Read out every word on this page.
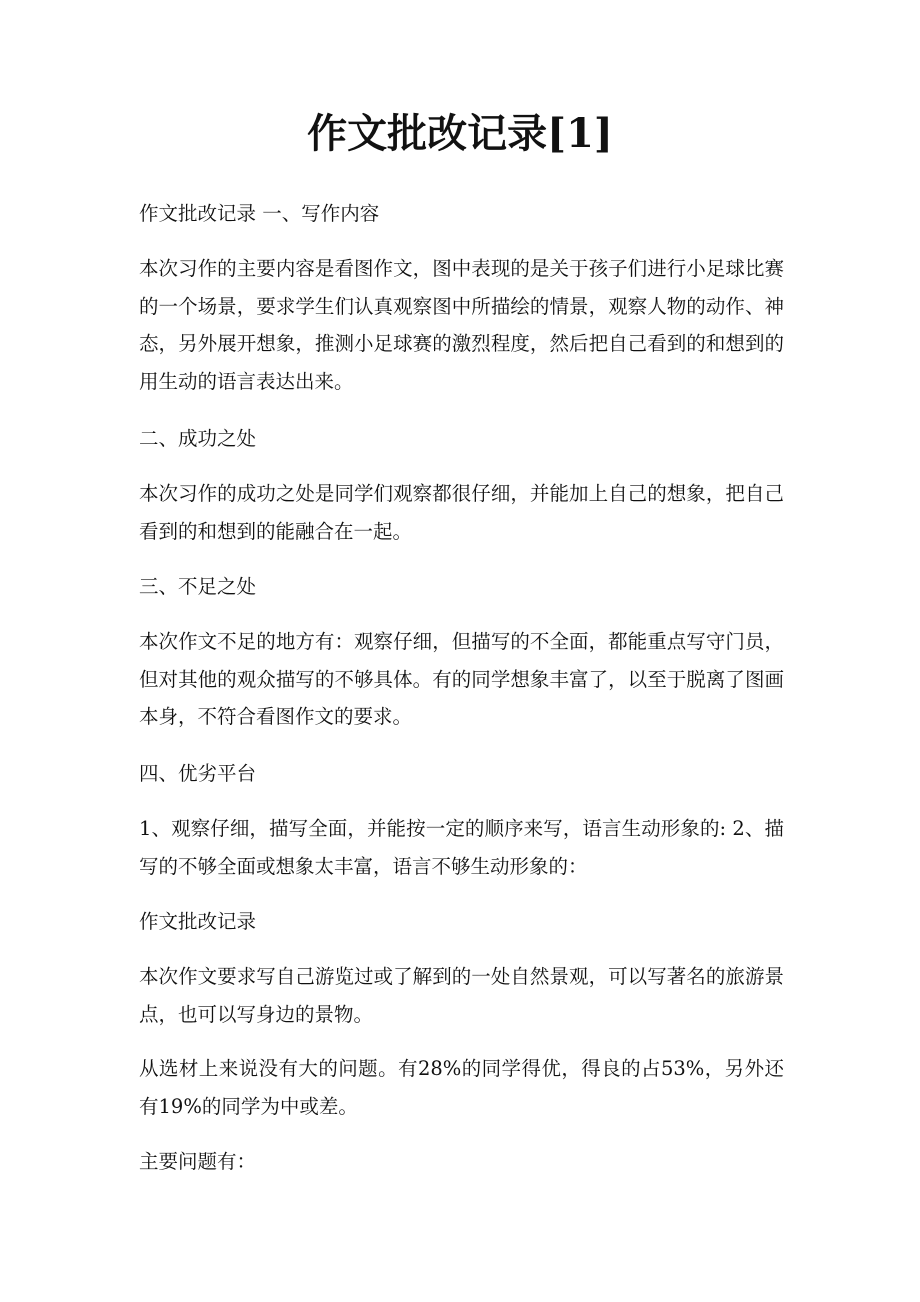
作文批改记录[1]

作文批改记录 一、写作内容

本次习作的主要内容是看图作文，图中表现的是关于孩子们进行小足球比赛的一个场景，要求学生们认真观察图中所描绘的情景，观察人物的动作、神态，另外展开想象，推测小足球赛的激烈程度，然后把自己看到的和想到的用生动的语言表达出来。

二、成功之处

本次习作的成功之处是同学们观察都很仔细，并能加上自己的想象，把自己看到的和想到的能融合在一起。

三、不足之处

本次作文不足的地方有：观察仔细，但描写的不全面，都能重点写守门员，但对其他的观众描写的不够具体。有的同学想象丰富了，以至于脱离了图画本身，不符合看图作文的要求。

四、优劣平台

1、观察仔细，描写全面，并能按一定的顺序来写，语言生动形象的: 2、描写的不够全面或想象太丰富，语言不够生动形象的：

作文批改记录

本次作文要求写自己游览过或了解到的一处自然景观，可以写著名的旅游景点，也可以写身边的景物。

从选材上来说没有大的问题。有28%的同学得优，得良的占53%，另外还有19%的同学为中或差。

主要问题有：
